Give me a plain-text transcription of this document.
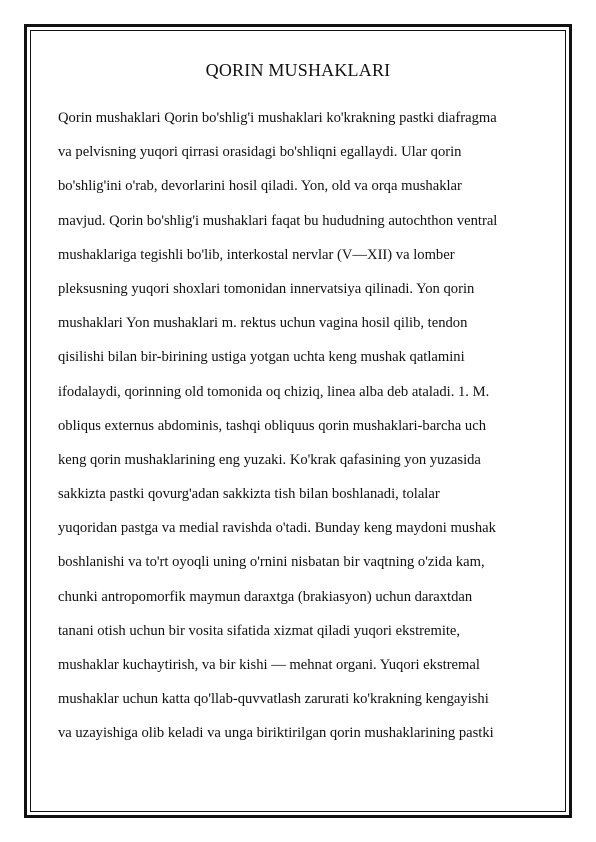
QORIN MUSHAKLARI
Qorin mushaklari Qorin bo'shlig'i mushaklari ko'krakning pastki diafragma
va pelvisning yuqori qirrasi orasidagi bo'shliqni egallaydi. Ular qorin
bo'shlig'ini o'rab, devorlarini hosil qiladi. Yon, old va orqa mushaklar
mavjud. Qorin bo'shlig'i mushaklari faqat bu hududning autochthon ventral
mushaklariga tegishli bo'lib, interkostal nervlar (V—XII) va lomber
pleksusning yuqori shoxlari tomonidan innervatsiya qilinadi. Yon qorin
mushaklari Yon mushaklari m. rektus uchun vagina hosil qilib, tendon
qisilishi bilan bir-birining ustiga yotgan uchta keng mushak qatlamini
ifodalaydi, qorinning old tomonida oq chiziq, linea alba deb ataladi. 1. M.
obliqus externus abdominis, tashqi obliquus qorin mushaklari-barcha uch
keng qorin mushaklarining eng yuzaki. Ko'krak qafasining yon yuzasida
sakkizta pastki qovurg'adan sakkizta tish bilan boshlanadi, tolalar
yuqoridan pastga va medial ravishda o'tadi. Bunday keng maydoni mushak
boshlanishi va to'rt oyoqli uning o'rnini nisbatan bir vaqtning o'zida kam,
chunki antropomorfik maymun daraxtga (brakiasyon) uchun daraxtdan
tanani otish uchun bir vosita sifatida xizmat qiladi yuqori ekstremite,
mushaklar kuchaytirish, va bir kishi — mehnat organi. Yuqori ekstremal
mushaklar uchun katta qo'llab-quvvatlash zarurati ko'krakning kengayishi
va uzayishiga olib keladi va unga biriktirilgan qorin mushaklarining pastki
